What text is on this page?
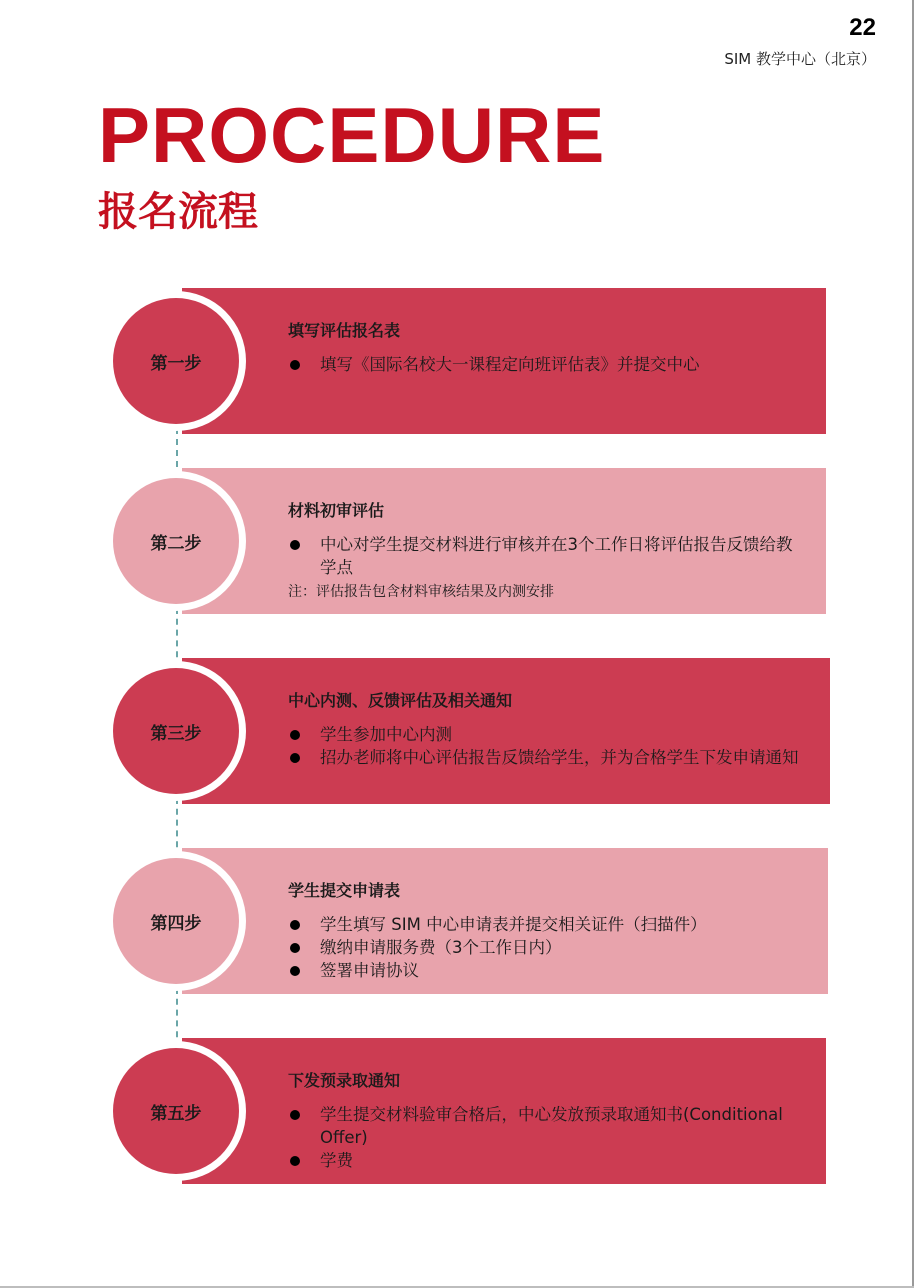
22
SIM 教学中心（北京）
PROCEDURE
报名流程
第一步
填写评估报名表
填写《国际名校大一课程定向班评估表》并提交中心
第二步
材料初审评估
中心对学生提交材料进行审核并在3个工作日将评估报告反馈给教学点
注：评估报告包含材料审核结果及内测安排
第三步
中心内测、反馈评估及相关通知
学生参加中心内测
招办老师将中心评估报告反馈给学生，并为合格学生下发申请通知
第四步
学生提交申请表
学生填写 SIM 中心申请表并提交相关证件（扫描件）
缴纳申请服务费（3个工作日内）
签署申请协议
第五步
下发预录取通知
学生提交材料验审合格后，中心发放预录取通知书(Conditional Offer)
学费
